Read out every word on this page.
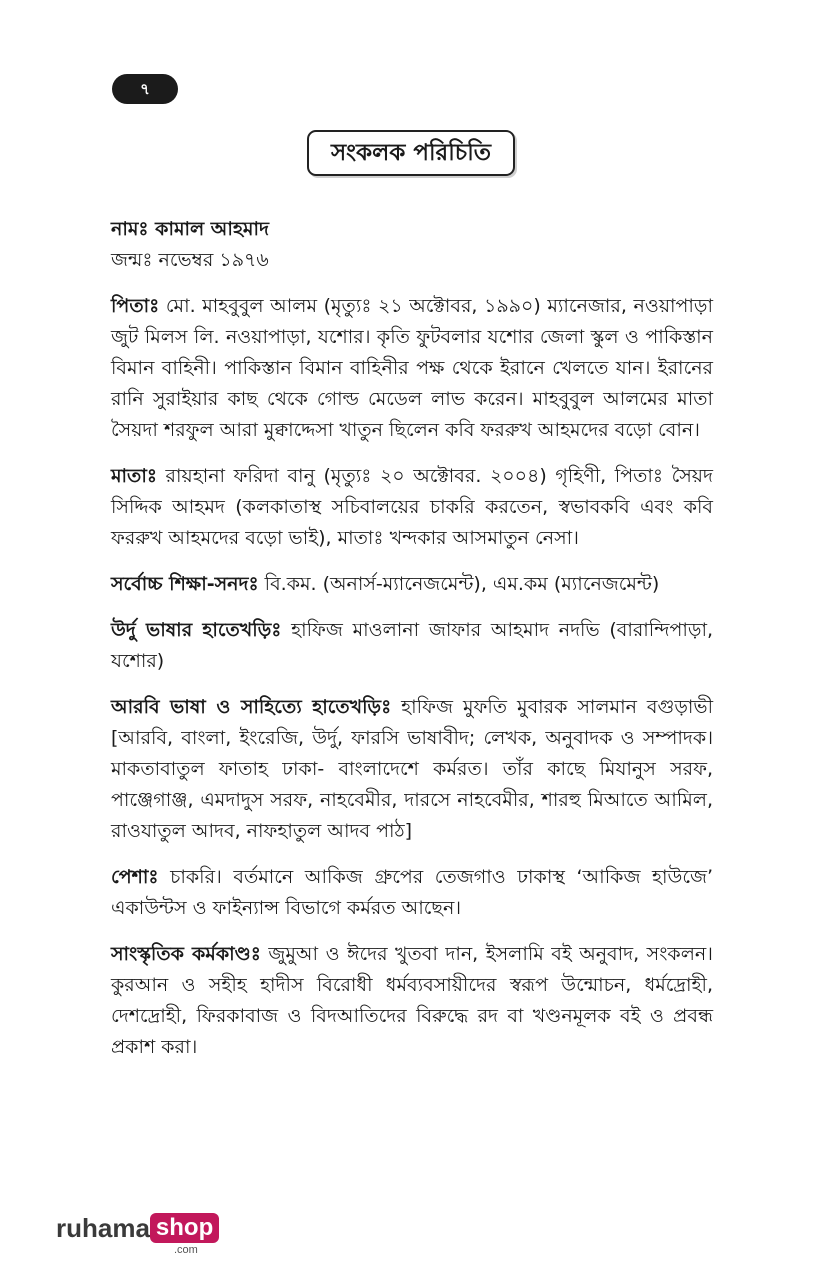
৭
সংকলক পরিচিতি
নামঃ কামাল আহমাদ
জন্মঃ নভেম্বর ১৯৭৬

পিতাঃ মো. মাহবুবুল আলম (মৃত্যুঃ ২১ অক্টোবর, ১৯৯০) ম্যানেজার, নওয়াপাড়া জুট মিলস লি. নওয়াপাড়া, যশোর। কৃতি ফুটবলার যশোর জেলা স্কুল ও পাকিস্তান বিমান বাহিনী। পাকিস্তান বিমান বাহিনীর পক্ষ থেকে ইরানে খেলতে যান। ইরানের রানি সুরাইয়ার কাছ থেকে গোল্ড মেডেল লাভ করেন। মাহবুবুল আলমের মাতা সৈয়দা শরফুল আরা মুক্বাদ্দেসা খাতুন ছিলেন কবি ফররুখ আহমদের বড়ো বোন।

মাতাঃ রায়হানা ফরিদা বানু (মৃত্যুঃ ২০ অক্টোবর. ২০০৪) গৃহিণী, পিতাঃ সৈয়দ সিদ্দিক আহমদ (কলকাতাস্থ সচিবালয়ের চাকরি করতেন, স্বভাবকবি এবং কবি ফররুখ আহমদের বড়ো ভাই), মাতাঃ খন্দকার আসমাতুন নেসা।

সর্বোচ্চ শিক্ষা-সনদঃ বি.কম. (অনার্স-ম্যানেজমেন্ট), এম.কম (ম্যানেজমেন্ট)

উর্দু ভাষার হাতেখড়িঃ হাফিজ মাওলানা জাফার আহমাদ নদভি (বারান্দিপাড়া, যশোর)

আরবি ভাষা ও সাহিত্যে হাতেখড়িঃ হাফিজ মুফতি মুবারক সালমান বগুড়াভী [আরবি, বাংলা, ইংরেজি, উর্দু, ফারসি ভাষাবীদ; লেখক, অনুবাদক ও সম্পাদক। মাকতাবাতুল ফাতাহ ঢাকা- বাংলাদেশে কর্মরত। তাঁর কাছে মিযানুস সরফ, পাঞ্জেগাঞ্জ, এমদাদুস সরফ, নাহবেমীর, দারসে নাহবেমীর, শারহু মিআতে আমিল, রাওযাতুল আদব, নাফহাতুল আদব পাঠ]

পেশাঃ চাকরি। বর্তমানে আকিজ গ্রুপের তেজগাও ঢাকাস্থ ‘আকিজ হাউজে’ একাউন্টস ও ফাইন্যান্স বিভাগে কর্মরত আছেন।

সাংস্কৃতিক কর্মকাণ্ডঃ জুমুআ ও ঈদের খুতবা দান, ইসলামি বই অনুবাদ, সংকলন। কুরআন ও সহীহ হাদীস বিরোধী ধর্মব্যবসায়ীদের স্বরূপ উন্মোচন, ধর্মদ্রোহী, দেশদ্রোহী, ফিরকাবাজ ও বিদআতিদের বিরুদ্ধে রদ বা খণ্ডনমূলক বই ও প্রবন্ধ প্রকাশ করা।

ruhama shop
.com
